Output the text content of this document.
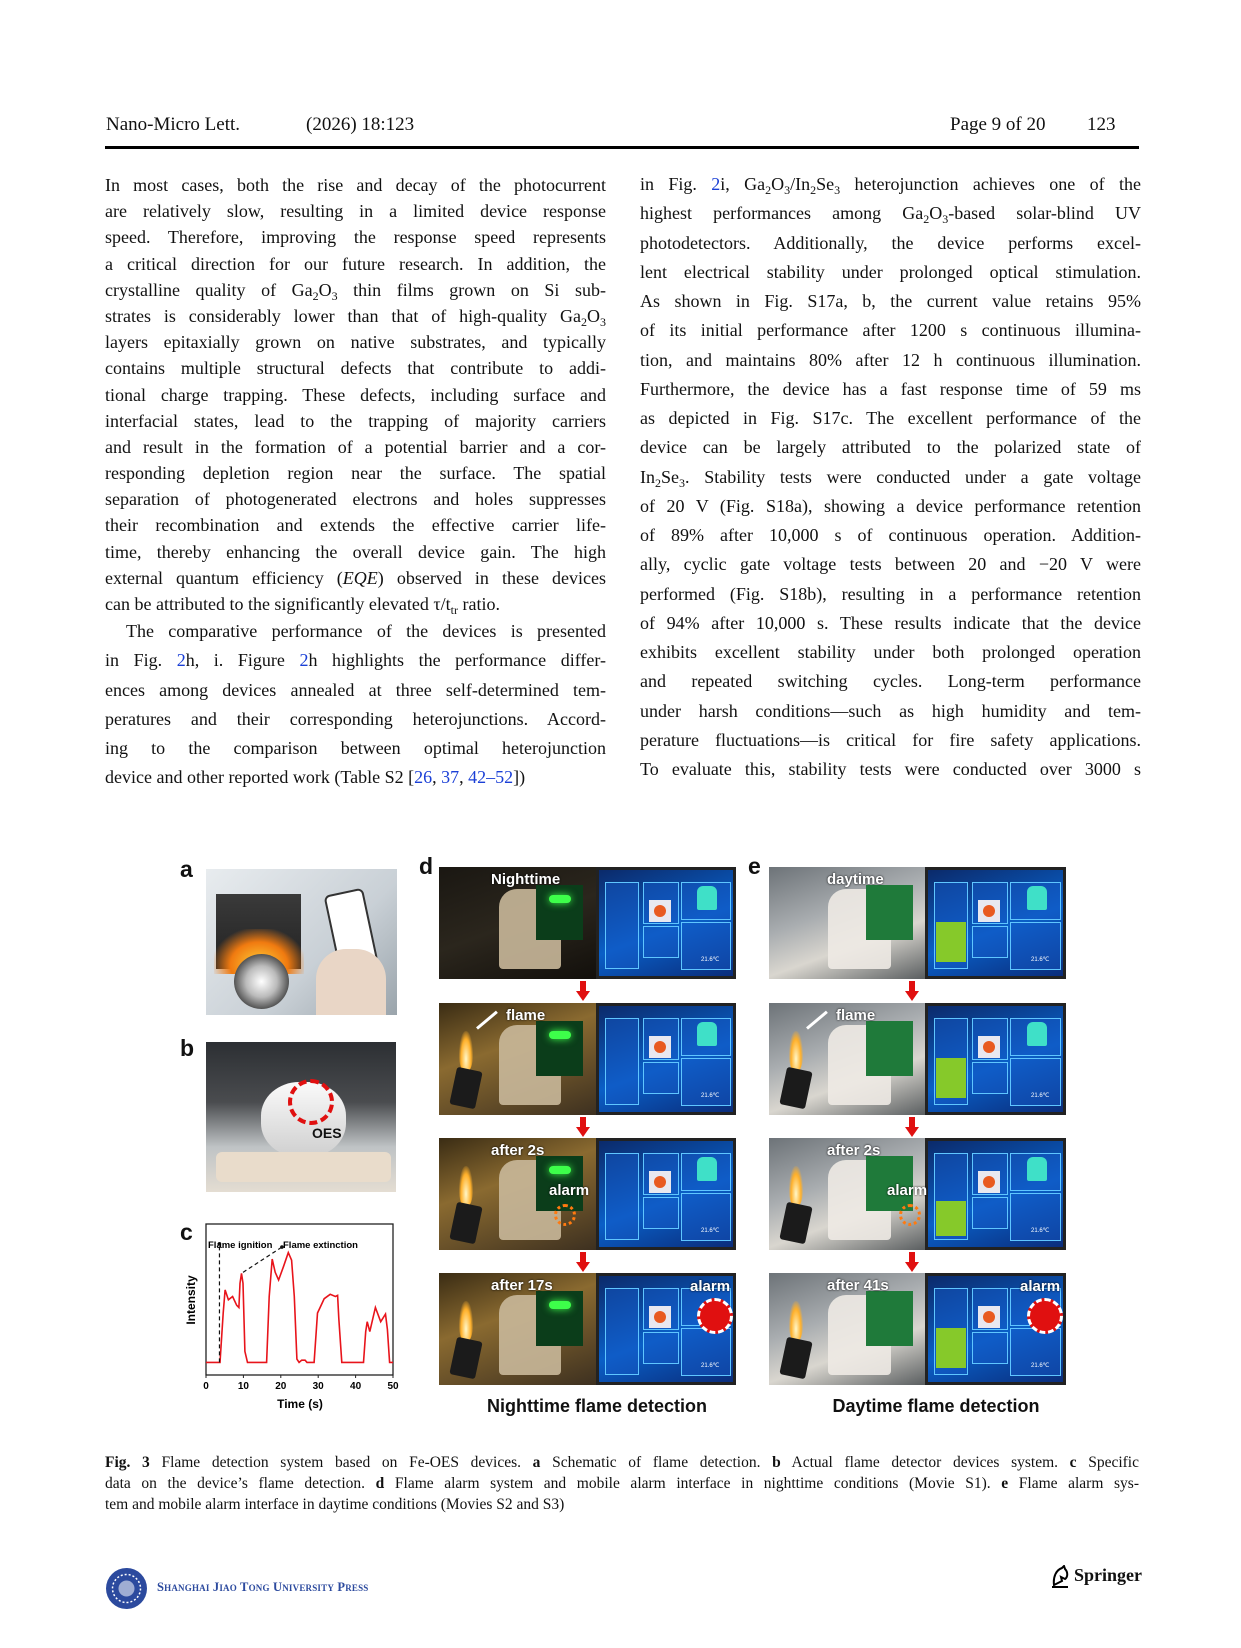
Nano-Micro Lett.	(2026) 18:123	Page 9 of 20 123
In most cases, both the rise and decay of the photocurrent
are relatively slow, resulting in a limited device response
speed. Therefore, improving the response speed represents
a critical direction for our future research. In addition, the
crystalline quality of $Ga_2O_3$ thin films grown on Si sub-
strates is considerably lower than that of high-quality $Ga_2O_3$
layers epitaxially grown on native substrates, and typically
contains multiple structural defects that contribute to addi-
tional charge trapping. These defects, including surface and
interfacial states, lead to the trapping of majority carriers
and result in the formation of a potential barrier and a cor-
responding depletion region near the surface. The spatial
separation of photogenerated electrons and holes suppresses
their recombination and extends the effective carrier life-
time, thereby enhancing the overall device gain. The high
external quantum efficiency (EQE) observed in these devices
can be attributed to the significantly elevated $\tau/t_{tr}$ ratio.
The comparative performance of the devices is presented
in Fig. 2h, i. Figure 2h highlights the performance differ-
ences among devices annealed at three self-determined tem-
peratures and their corresponding heterojunctions. Accord-
ing to the comparison between optimal heterojunction
device and other reported work (Table S2 [26, 37, 42–52])
in Fig. 2i, $Ga_2O_3/In_2Se_3$ heterojunction achieves one of the
highest performances among $Ga_2O_3$-based solar-blind UV
photodetectors. Additionally, the device performs excel-
lent electrical stability under prolonged optical stimulation.
As shown in Fig. S17a, b, the current value retains 95%
of its initial performance after 1200 s continuous illumina-
tion, and maintains 80% after 12 h continuous illumination.
Furthermore, the device has a fast response time of 59 ms
as depicted in Fig. S17c. The excellent performance of the
device can be largely attributed to the polarized state of
$In_2Se_3$. Stability tests were conducted under a gate voltage
of 20 V (Fig. S18a), showing a device performance retention
of 89% after 10,000 s of continuous operation. Addition-
ally, cyclic gate voltage tests between 20 and −20 V were
performed (Fig. S18b), resulting in a performance retention
of 94% after 10,000 s. These results indicate that the device
exhibits excellent stability under both prolonged operation
and repeated switching cycles. Long-term performance
under harsh conditions—such as high humidity and tem-
perature fluctuations—is critical for fire safety applications.
To evaluate this, stability tests were conducted over 3000 s
a
b
OES
c
0	10	20	30	40	50
Intensity
Time (s)
Flame ignition Flame extinction
d	e
Nighttime
21.6℃
flame
21.6℃
after 2s
21.6℃
alarm
after 17s
21.6℃
alarm
daytime
21.6℃
flame
21.6℃
after 2s
21.6℃
alarm
after 41s
21.6℃
alarm
Nighttime flame detection	Daytime flame detection
Fig. 3 Flame detection system based on Fe-OES devices. a Schematic of flame detection. b Actual flame detector devices system. c Specific
data on the device’s flame detection. d Flame alarm system and mobile alarm interface in nighttime conditions (Movie S1). e Flame alarm sys-
tem and mobile alarm interface in daytime conditions (Movies S2 and S3)
Shanghai Jiao Tong University Press
Springer
